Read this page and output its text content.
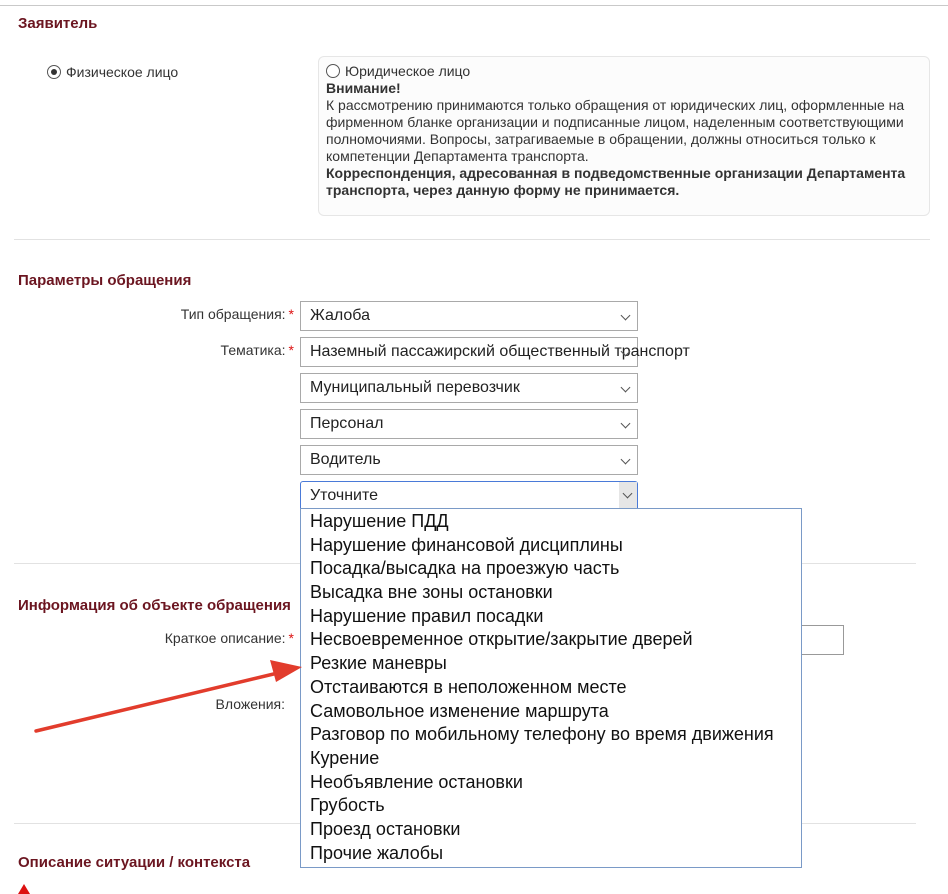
Заявитель
Физическое лицо	Юридическое лицо
Внимание!
К рассмотрению принимаются только обращения от юридических лиц, оформленные на фирменном бланке организации и подписанные лицом, наделенным соответствующими полномочиями. Вопросы, затрагиваемые в обращении, должны относиться только к компетенции Департамента транспорта.
Корреспонденция, адресованная в подведомственные организации Департамента транспорта, через данную форму не принимается.
Параметры обращения
Тип обращения: *	Жалоба
Тематика: *	Наземный пассажирский общественный транспорт
Муниципальный перевозчик
Персонал
Водитель
Уточните
Информация об объекте обращения
Краткое описание: *
Вложения:
Описание ситуации / контекста
Нарушение ПДД
Нарушение финансовой дисциплины
Посадка/высадка на проезжую часть
Высадка вне зоны остановки
Нарушение правил посадки
Несвоевременное открытие/закрытие дверей
Резкие маневры
Отстаиваются в неположенном месте
Самовольное изменение маршрута
Разговор по мобильному телефону во время движения
Курение
Необъявление остановки
Грубость
Проезд остановки
Прочие жалобы
